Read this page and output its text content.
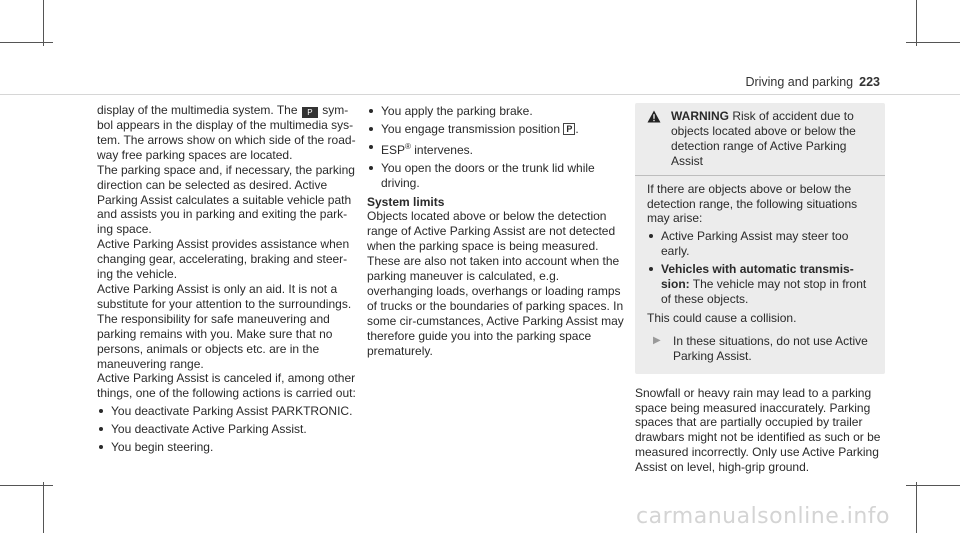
Driving and parking 223

display of the multimedia system. The P sym-bol appears in the display of the multimedia sys-tem. The arrows show on which side of the road-way free parking spaces are located.

The parking space and, if necessary, the parking direction can be selected as desired. Active Parking Assist calculates a suitable vehicle path and assists you in parking and exiting the park-ing space.

Active Parking Assist provides assistance when changing gear, accelerating, braking and steer-ing the vehicle.

Active Parking Assist is only an aid. It is not a substitute for your attention to the surroundings. The responsibility for safe maneuvering and parking remains with you. Make sure that no persons, animals or objects etc. are in the maneuvering range.

Active Parking Assist is canceled if, among other things, one of the following actions is carried out:

You deactivate Parking Assist PARKTRONIC.
You deactivate Active Parking Assist.
You begin steering.
You apply the parking brake.
You engage transmission position P .
ESP® intervenes.
You open the doors or the trunk lid while driving.

System limits

Objects located above or below the detection range of Active Parking Assist are not detected when the parking space is being measured. These are also not taken into account when the parking maneuver is calculated, e.g. overhanging loads, overhangs or loading ramps of trucks or the boundaries of parking spaces. In some cir-cumstances, Active Parking Assist may therefore guide you into the parking space prematurely.

WARNING Risk of accident due to objects located above or below the detection range of Active Parking Assist

If there are objects above or below the detection range, the following situations may arise:

Active Parking Assist may steer too early.
Vehicles with automatic transmis-sion: The vehicle may not stop in front of these objects.

This could cause a collision.

▶	In these situations, do not use Active Parking Assist.

Snowfall or heavy rain may lead to a parking space being measured inaccurately. Parking spaces that are partially occupied by trailer drawbars might not be identified as such or be measured incorrectly. Only use Active Parking Assist on level, high-grip ground.

carmanualsonline.info
